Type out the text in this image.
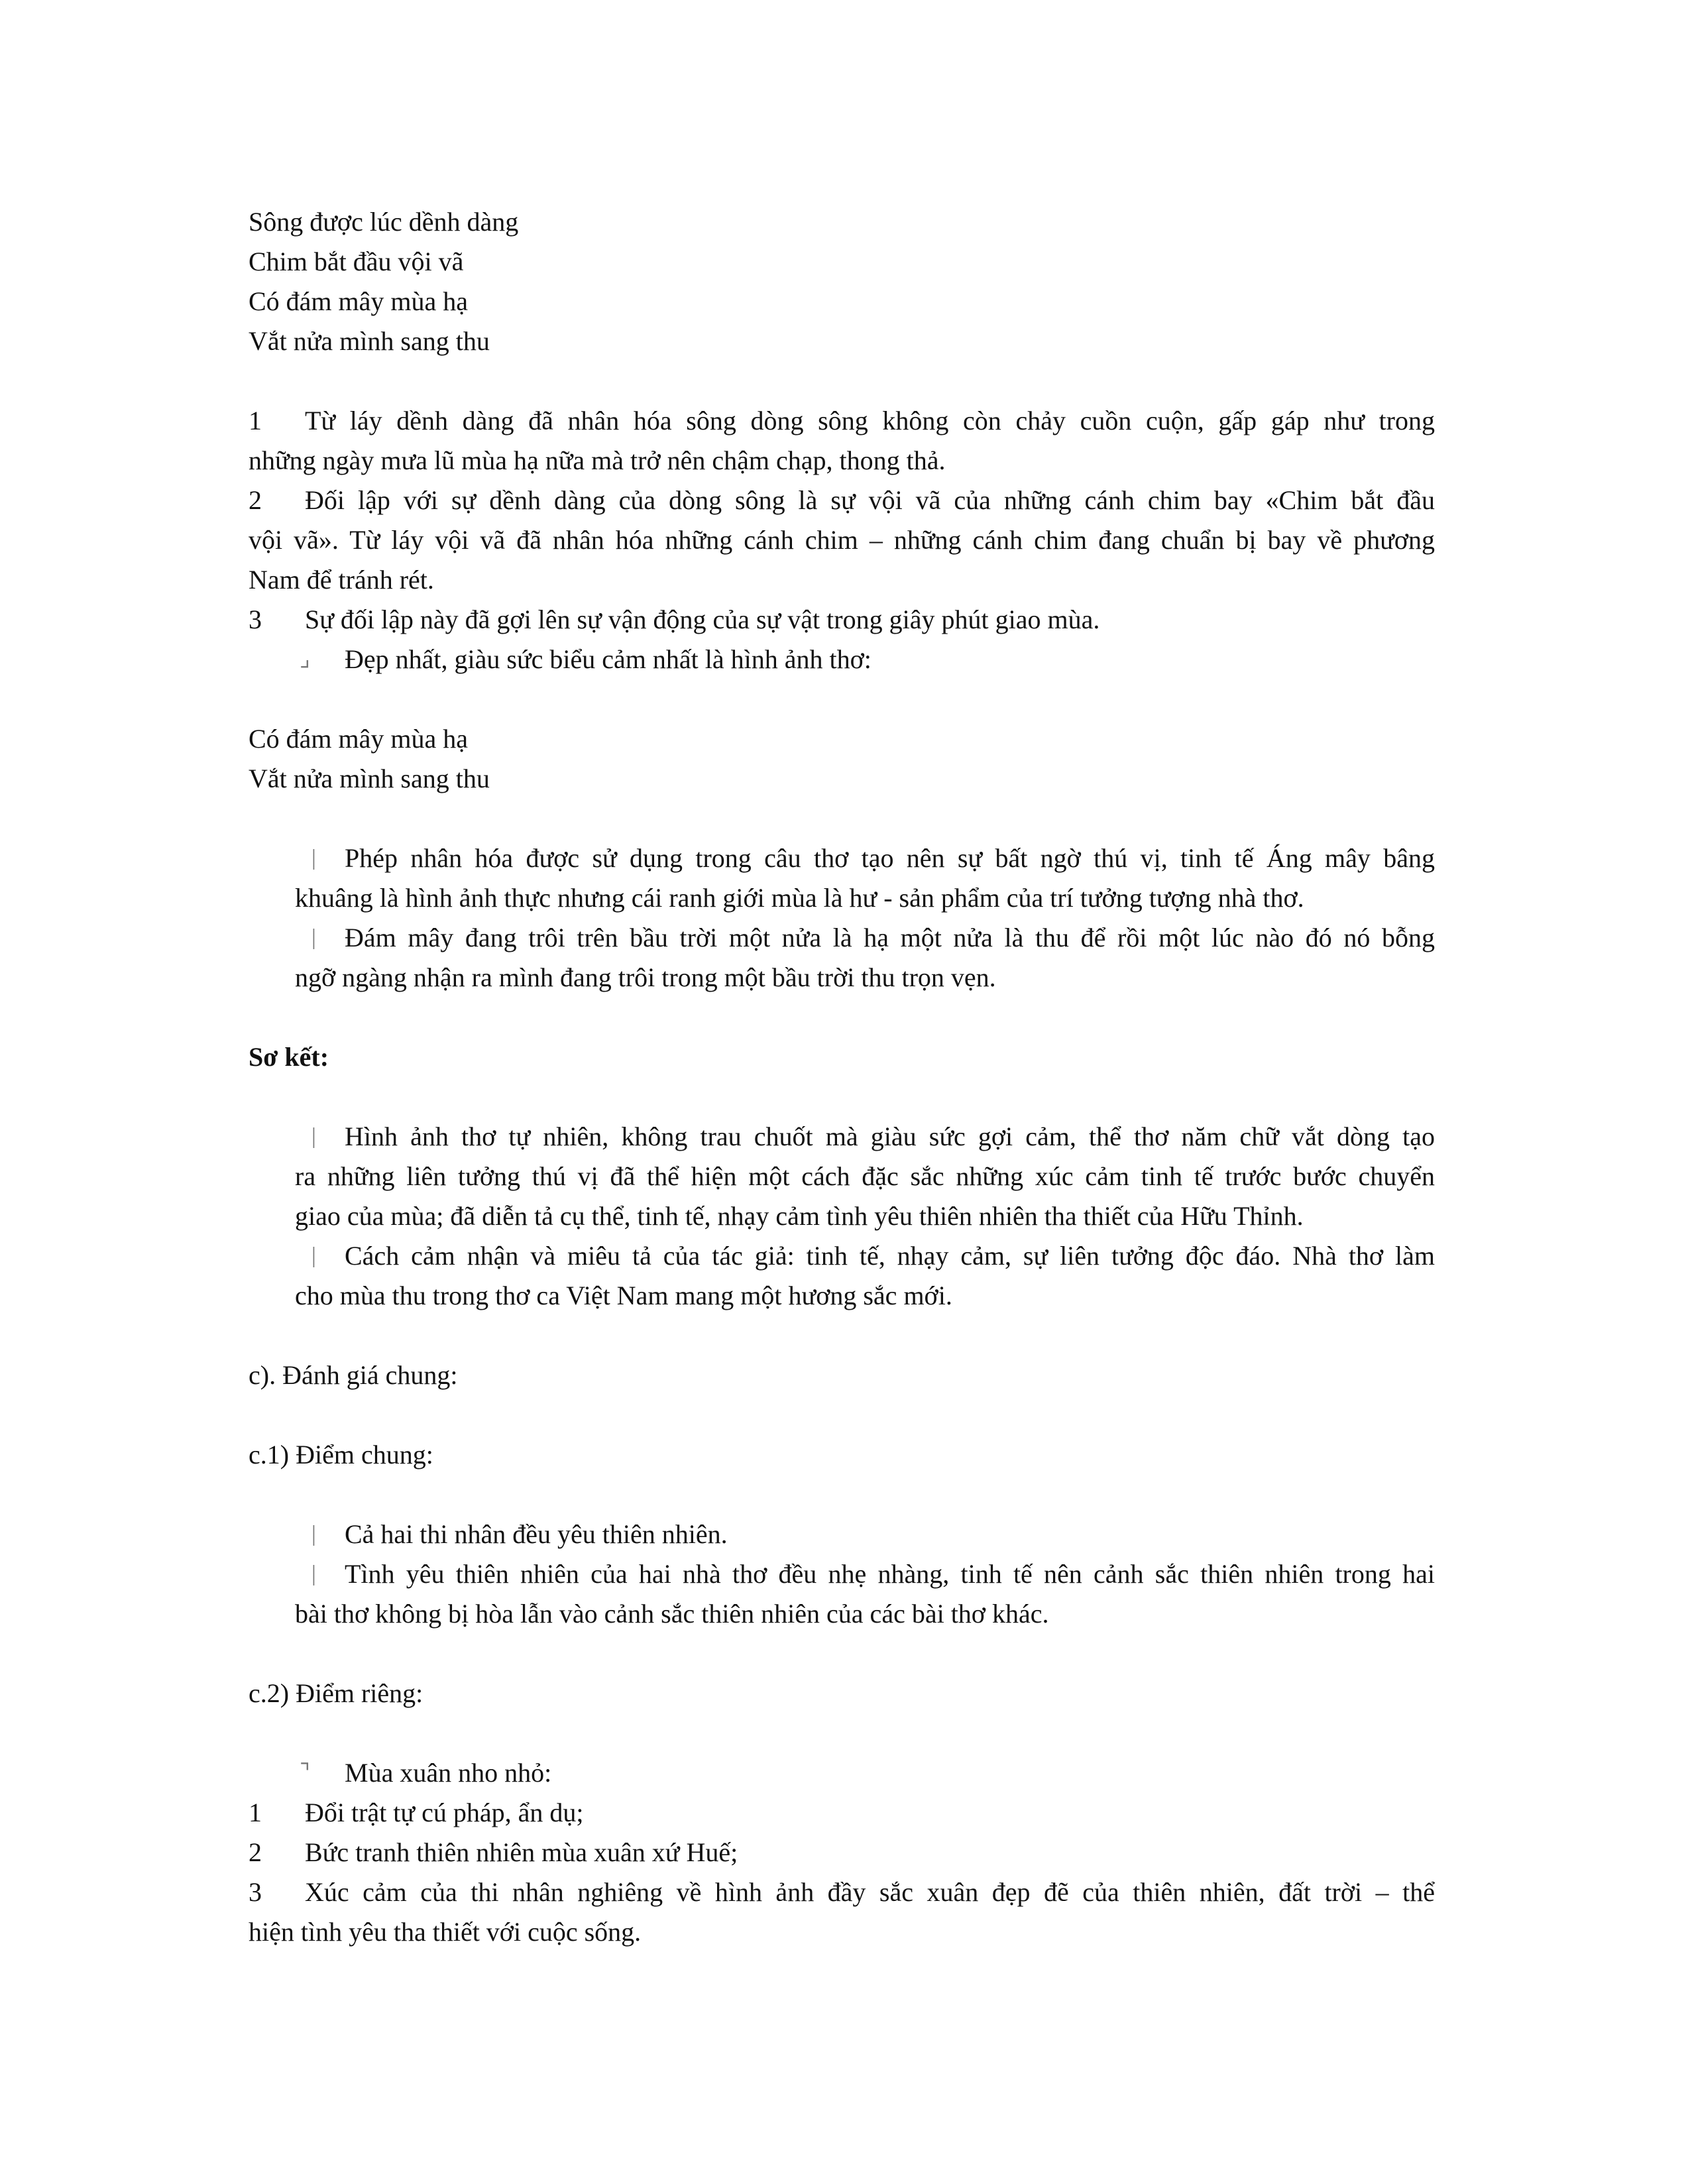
Sông được lúc dềnh dàng

Chim bắt đầu vội vã

Có đám mây mùa hạ

Vắt nửa mình sang thu

1 Từ láy dềnh dàng đã nhân hóa sông dòng sông không còn chảy cuồn cuộn, gấp gáp như trong

những ngày mưa lũ mùa hạ nữa mà trở nên chậm chạp, thong thả.

2 Đối lập với sự dềnh dàng của dòng sông là sự vội vã của những cánh chim bay «Chim bắt đầu

vội vã». Từ láy vội vã đã nhân hóa những cánh chim – những cánh chim đang chuẩn bị bay về phương

Nam để tránh rét.

3 Sự đối lập này đã gợi lên sự vận động của sự vật trong giây phút giao mùa.

⌟ Đẹp nhất, giàu sức biểu cảm nhất là hình ảnh thơ:

Có đám mây mùa hạ

Vắt nửa mình sang thu

| Phép nhân hóa được sử dụng trong câu thơ tạo nên sự bất ngờ thú vị, tinh tế Áng mây bâng

khuâng là hình ảnh thực nhưng cái ranh giới mùa là hư - sản phẩm của trí tưởng tượng nhà thơ.

| Đám mây đang trôi trên bầu trời một nửa là hạ một nửa là thu để rồi một lúc nào đó nó bỗng

ngỡ ngàng nhận ra mình đang trôi trong một bầu trời thu trọn vẹn.

Sơ kết:

| Hình ảnh thơ tự nhiên, không trau chuốt mà giàu sức gợi cảm, thể thơ năm chữ vắt dòng tạo

ra những liên tưởng thú vị đã thể hiện một cách đặc sắc những xúc cảm tinh tế trước bước chuyển

giao của mùa; đã diễn tả cụ thể, tinh tế, nhạy cảm tình yêu thiên nhiên tha thiết của Hữu Thỉnh.

| Cách cảm nhận và miêu tả của tác giả: tinh tế, nhạy cảm, sự liên tưởng độc đáo. Nhà thơ làm

cho mùa thu trong thơ ca Việt Nam mang một hương sắc mới.

c). Đánh giá chung:

c.1) Điểm chung:

| Cả hai thi nhân đều yêu thiên nhiên.

| Tình yêu thiên nhiên của hai nhà thơ đều nhẹ nhàng, tinh tế nên cảnh sắc thiên nhiên trong hai

bài thơ không bị hòa lẫn vào cảnh sắc thiên nhiên của các bài thơ khác.

c.2) Điểm riêng:

⌝ Mùa xuân nho nhỏ:

1 Đổi trật tự cú pháp, ẩn dụ;

2 Bức tranh thiên nhiên mùa xuân xứ Huế;

3 Xúc cảm của thi nhân nghiêng về hình ảnh đầy sắc xuân đẹp đẽ của thiên nhiên, đất trời – thể

hiện tình yêu tha thiết với cuộc sống.
